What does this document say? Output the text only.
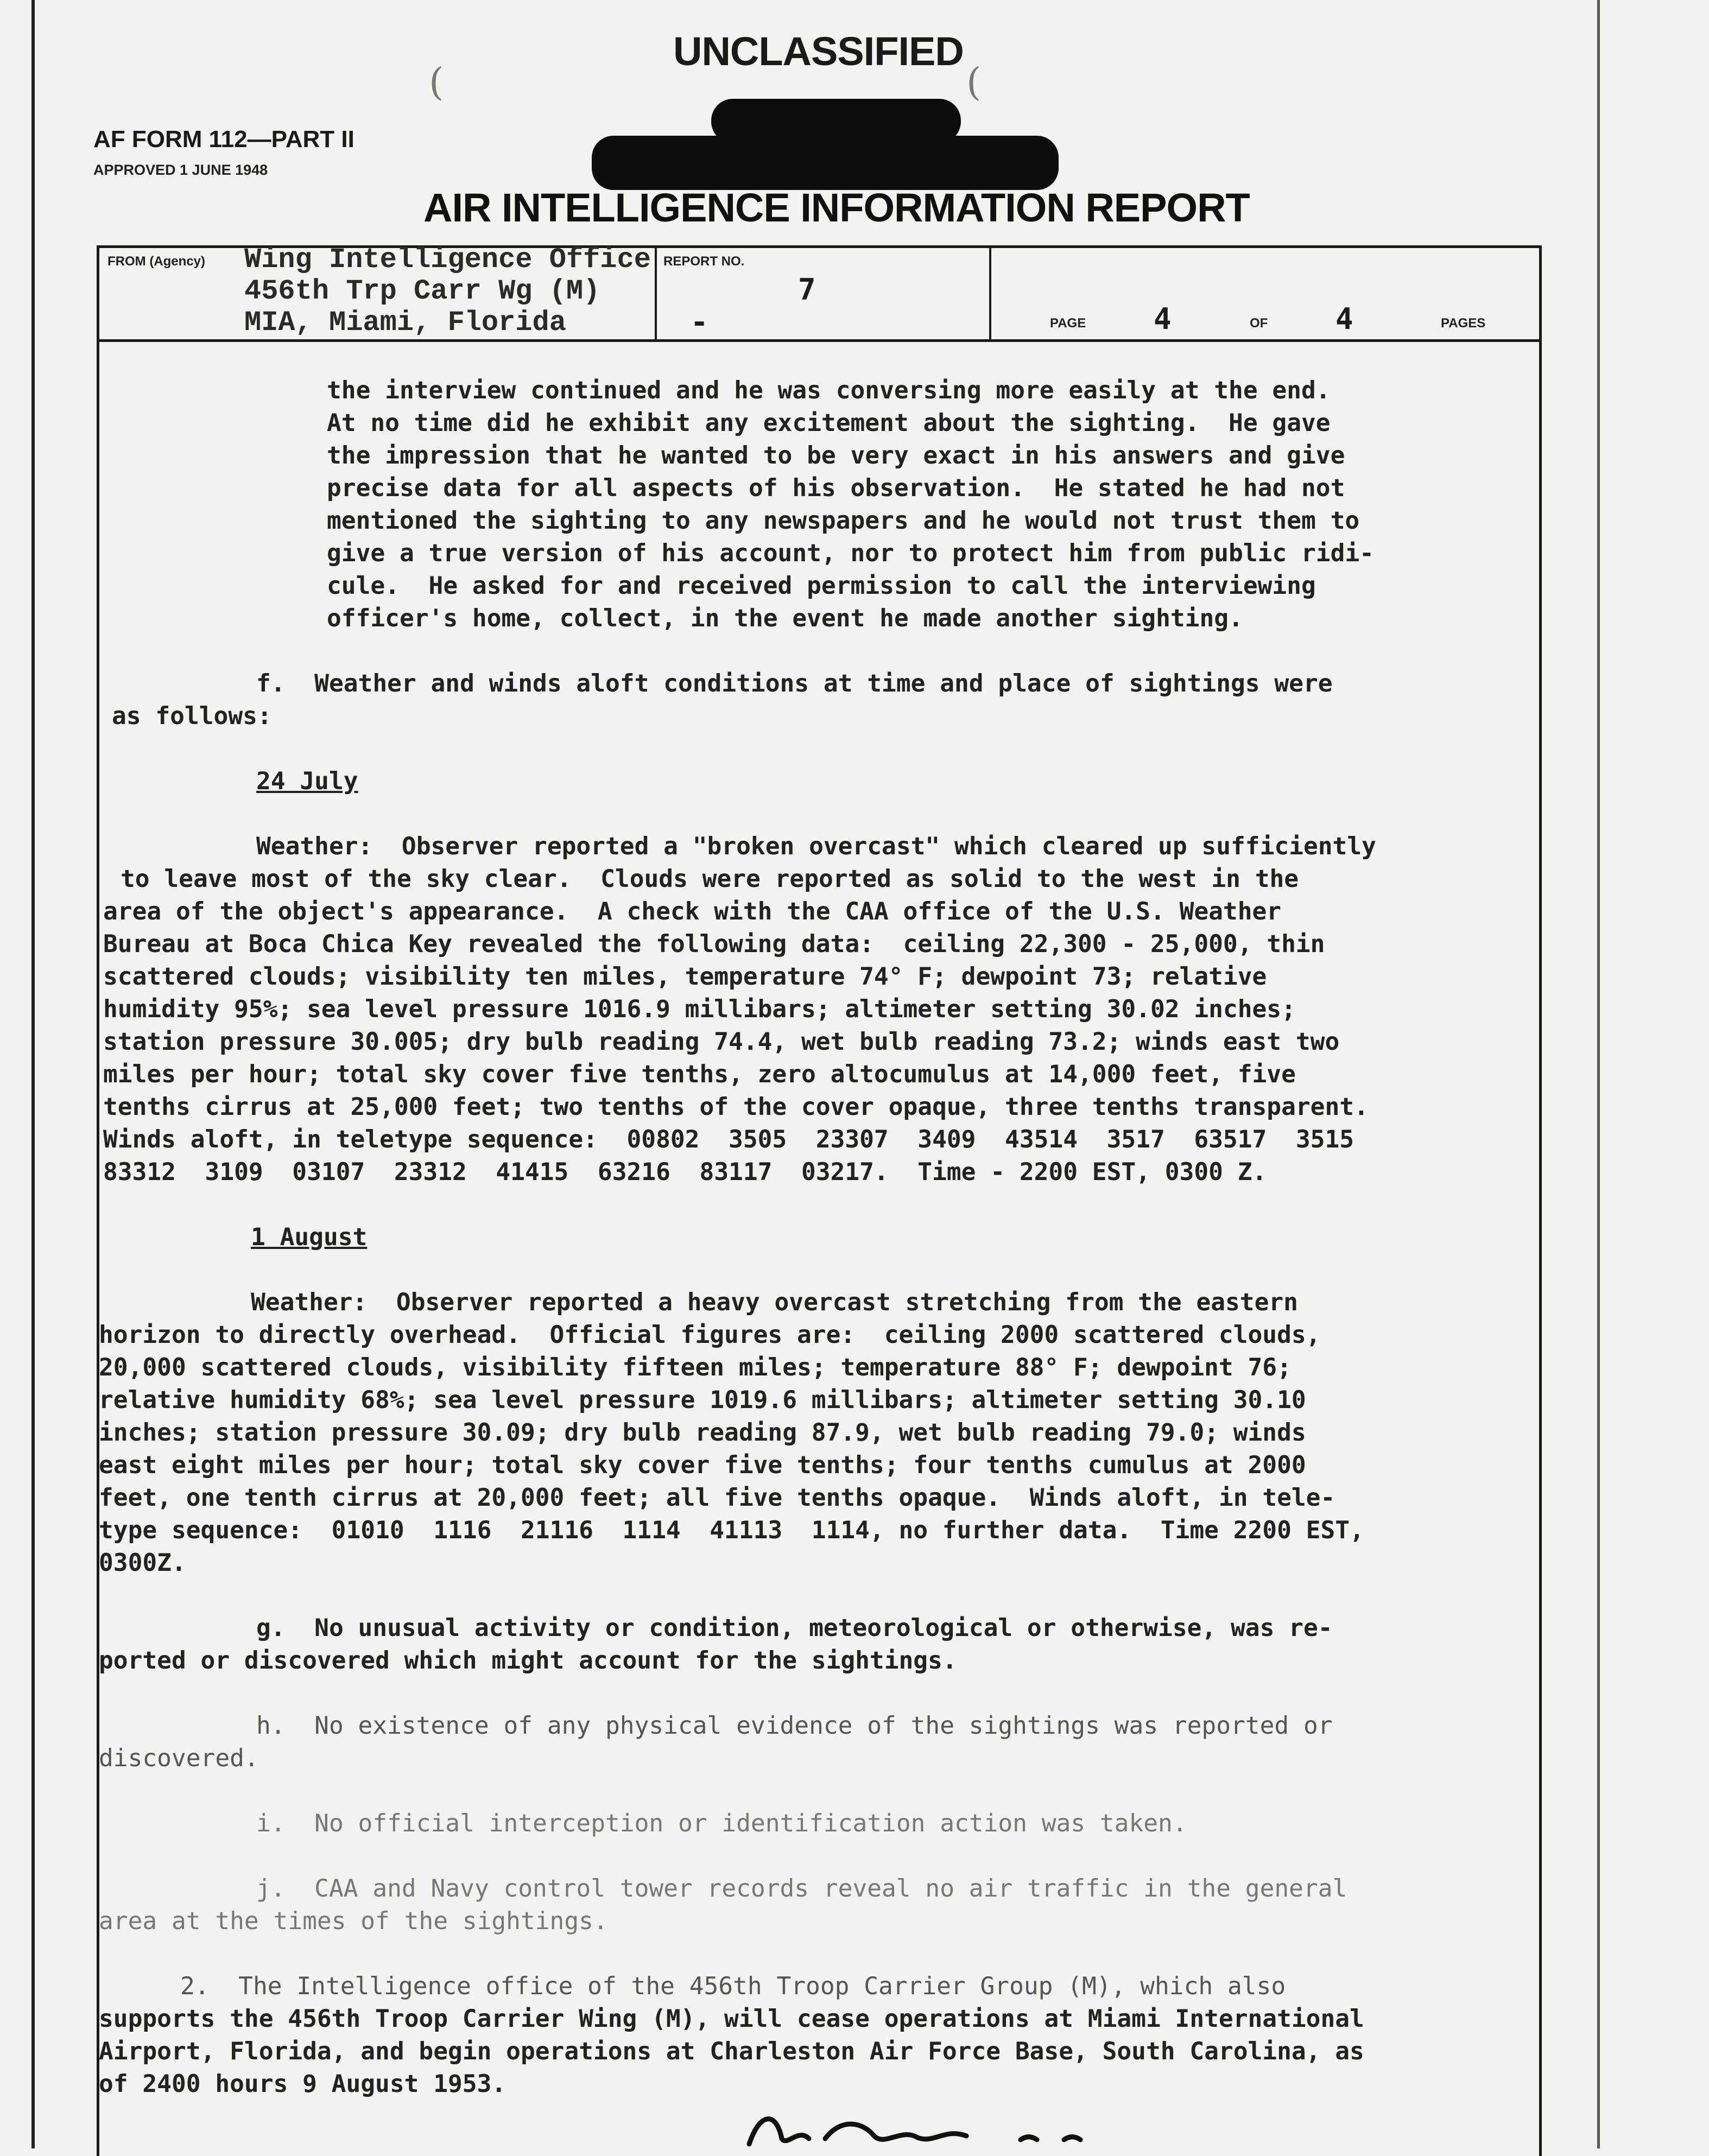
UNCLASSIFIED
(	(
AF FORM 112—PART II
APPROVED 1 JUNE 1948
AIR INTELLIGENCE INFORMATION REPORT
FROM (Agency) Wing Intelligence Office
456th Trp Carr Wg (M)
MIA, Miami, Florida
REPORT NO.
7
-	PAGE 4	OF 4	PAGES

the interview continued and he was conversing more easily at the end.

At no time did he exhibit any excitement about the sighting.  He gave

the impression that he wanted to be very exact in his answers and give

precise data for all aspects of his observation.  He stated he had not

mentioned the sighting to any newspapers and he would not trust them to

give a true version of his account, nor to protect him from public ridi-

cule.  He asked for and received permission to call the interviewing

officer's home, collect, in the event he made another sighting.

f.  Weather and winds aloft conditions at time and place of sightings were

as follows:

24 July

Weather:  Observer reported a "broken overcast" which cleared up sufficiently

to leave most of the sky clear.  Clouds were reported as solid to the west in the

area of the object's appearance.  A check with the CAA office of the U.S. Weather

Bureau at Boca Chica Key revealed the following data:  ceiling 22,300 - 25,000, thin

scattered clouds; visibility ten miles, temperature 74° F; dewpoint 73; relative

humidity 95%; sea level pressure 1016.9 millibars; altimeter setting 30.02 inches;

station pressure 30.005; dry bulb reading 74.4, wet bulb reading 73.2; winds east two

miles per hour; total sky cover five tenths, zero altocumulus at 14,000 feet, five

tenths cirrus at 25,000 feet; two tenths of the cover opaque, three tenths transparent.

Winds aloft, in teletype sequence:  00802  3505  23307  3409  43514  3517  63517  3515

83312  3109  03107  23312  41415  63216  83117  03217.  Time - 2200 EST, 0300 Z.

1 August

Weather:  Observer reported a heavy overcast stretching from the eastern

horizon to directly overhead.  Official figures are:  ceiling 2000 scattered clouds,

20,000 scattered clouds, visibility fifteen miles; temperature 88° F; dewpoint 76;

relative humidity 68%; sea level pressure 1019.6 millibars; altimeter setting 30.10

inches; station pressure 30.09; dry bulb reading 87.9, wet bulb reading 79.0; winds

east eight miles per hour; total sky cover five tenths; four tenths cumulus at 2000

feet, one tenth cirrus at 20,000 feet; all five tenths opaque.  Winds aloft, in tele-

type sequence:  01010  1116  21116  1114  41113  1114, no further data.  Time 2200 EST,

0300Z.

g.  No unusual activity or condition, meteorological or otherwise, was re-

ported or discovered which might account for the sightings.

h.  No existence of any physical evidence of the sightings was reported or

discovered.

i.  No official interception or identification action was taken.

j.  CAA and Navy control tower records reveal no air traffic in the general

area at the times of the sightings.

2.  The Intelligence office of the 456th Troop Carrier Group (M), which also

supports the 456th Troop Carrier Wing (M), will cease operations at Miami International

Airport, Florida, and begin operations at Charleston Air Force Base, South Carolina, as

of 2400 hours 9 August 1953.
